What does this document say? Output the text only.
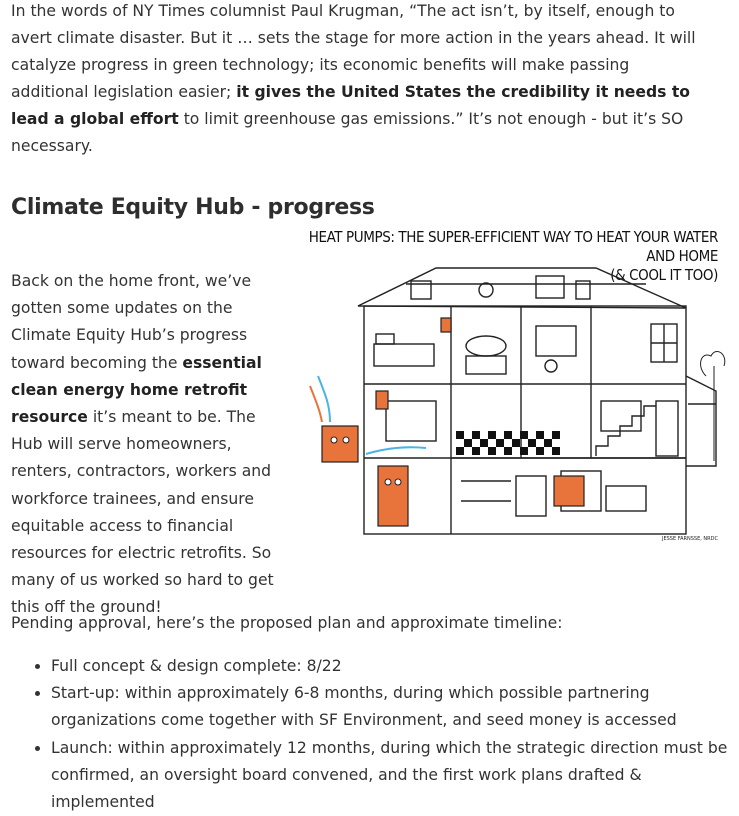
In the words of NY Times columnist Paul Krugman, “The act isn’t, by itself, enough to avert climate disaster. But it … sets the stage for more action in the years ahead. It will catalyze progress in green technology; its economic benefits will make passing additional legislation easier; it gives the United States the credibility it needs to lead a global effort to limit greenhouse gas emissions.” It’s not enough - but it’s SO necessary.

Climate Equity Hub - progress

Back on the home front, we’ve gotten some updates on the Climate Equity Hub’s progress toward becoming the essential clean energy home retrofit resource it’s meant to be. The Hub will serve homeowners, renters, contractors, workers and workforce trainees, and ensure equitable access to financial resources for electric retrofits. So many of us worked so hard to get this off the ground!

HEAT PUMPS: THE SUPER-EFFICIENT WAY TO HEAT YOUR WATER AND HOME
(& COOL IT TOO)
JESSE FARNSSE, NRDC

Pending approval, here’s the proposed plan and approximate timeline:

• Full concept & design complete: 8/22
• Start-up: within approximately 6-8 months, during which possible partnering organizations come together with SF Environment, and seed money is accessed
• Launch: within approximately 12 months, during which the strategic direction must be confirmed, an oversight board convened, and the first work plans drafted & implemented
